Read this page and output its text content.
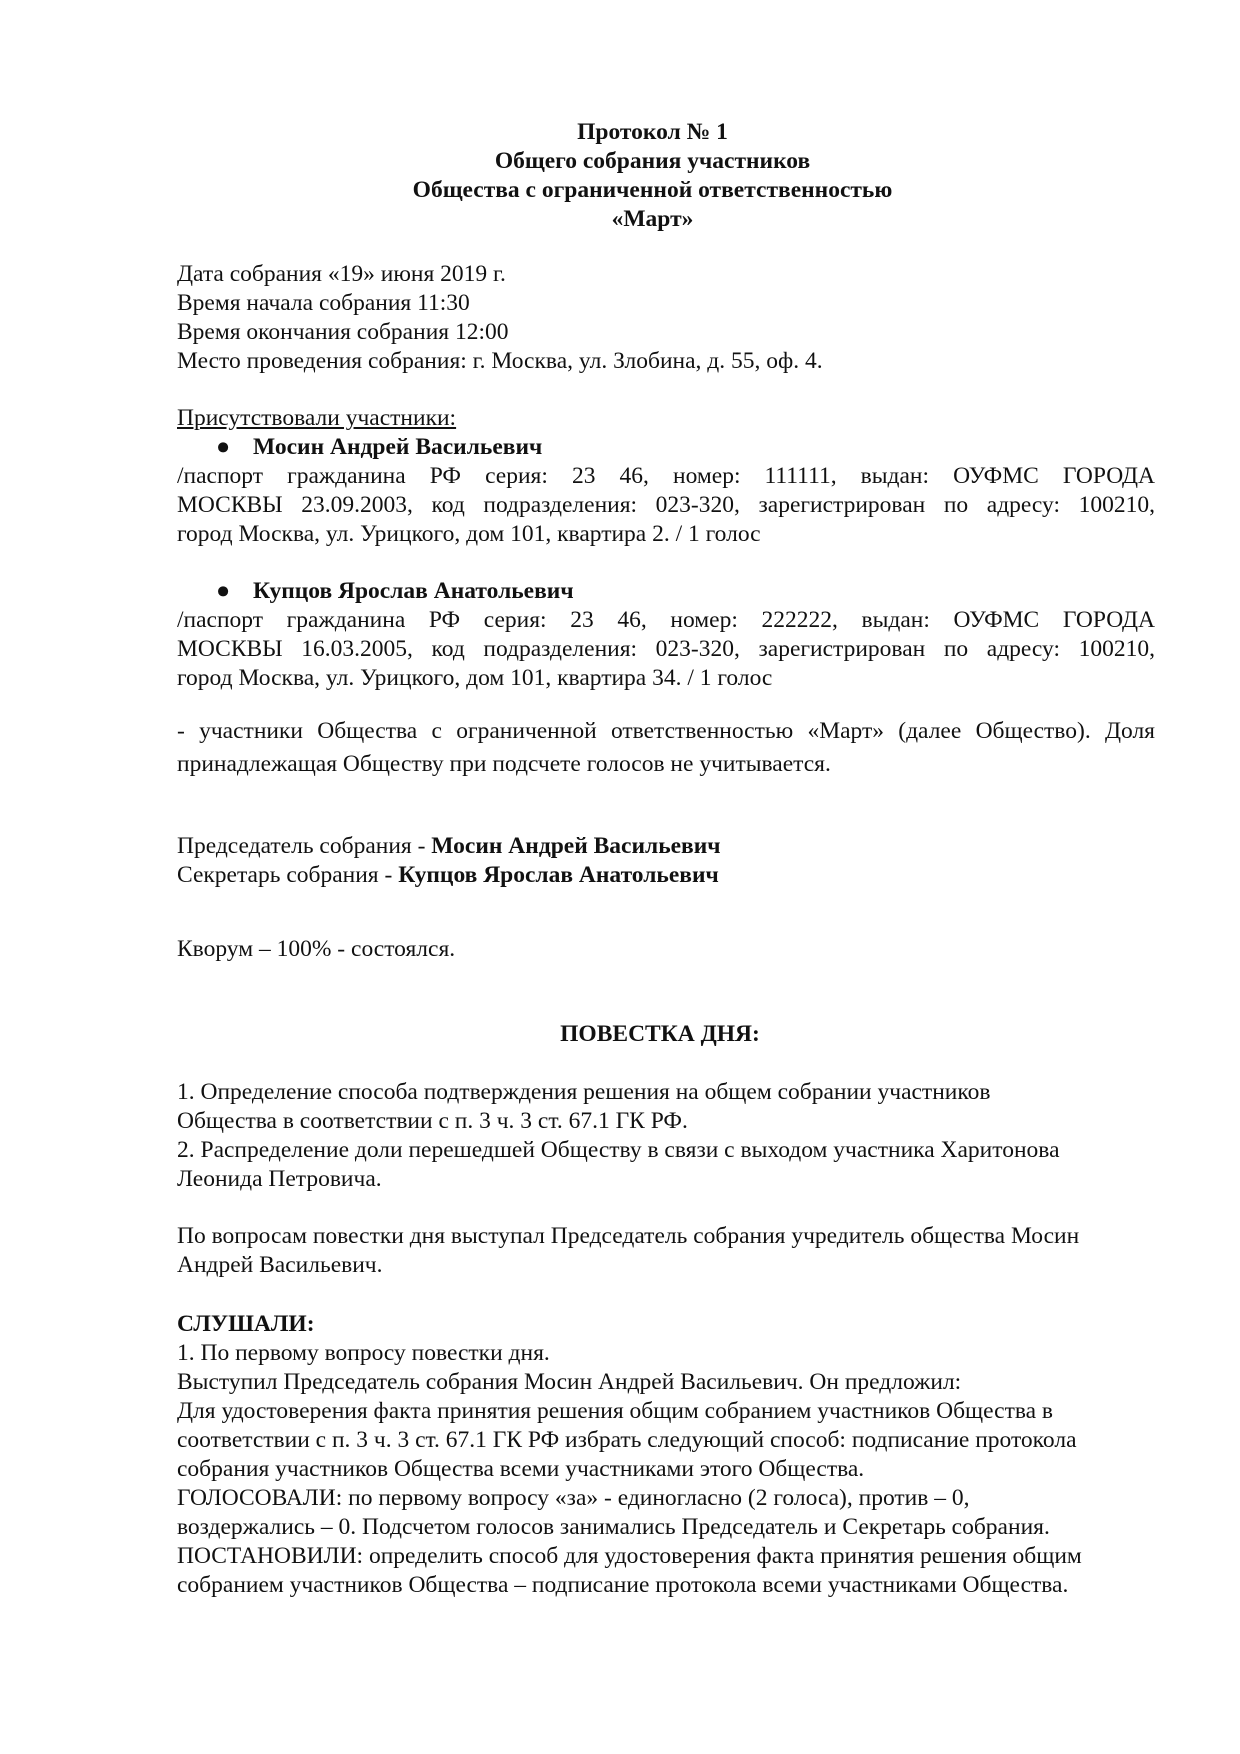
Протокол № 1
Общего собрания участников
Общества с ограниченной ответственностью
«Март»
Дата собрания «19» июня 2019 г.
Время начала собрания 11:30
Время окончания собрания 12:00
Место проведения собрания: г. Москва, ул. Злобина, д. 55, оф. 4.
Присутствовали участники:
● Мосин Андрей Васильевич
/паспорт гражданина РФ серия: 23 46, номер: 111111, выдан: ОУФМС ГОРОДА
МОСКВЫ 23.09.2003, код подразделения: 023-320, зарегистрирован по адресу: 100210,
город Москва, ул. Урицкого, дом 101, квартира 2. / 1 голос
● Купцов Ярослав Анатольевич
/паспорт гражданина РФ серия: 23 46, номер: 222222, выдан: ОУФМС ГОРОДА
МОСКВЫ 16.03.2005, код подразделения: 023-320, зарегистрирован по адресу: 100210,
город Москва, ул. Урицкого, дом 101, квартира 34. / 1 голос
- участники Общества с ограниченной ответственностью «Март» (далее Общество). Доля
принадлежащая Обществу при подсчете голосов не учитывается.
Председатель собрания - Мосин Андрей Васильевич
Секретарь собрания - Купцов Ярослав Анатольевич
Кворум – 100% - состоялся.
ПОВЕСТКА ДНЯ:
1. Определение способа подтверждения решения на общем собрании участников
Общества в соответствии с п. 3 ч. 3 ст. 67.1 ГК РФ.
2. Распределение доли перешедшей Обществу в связи с выходом участника Харитонова
Леонида Петровича.
По вопросам повестки дня выступал Председатель собрания учредитель общества Мосин
Андрей Васильевич.
СЛУШАЛИ:
1. По первому вопросу повестки дня.
Выступил Председатель собрания Мосин Андрей Васильевич. Он предложил:
Для удостоверения факта принятия решения общим собранием участников Общества в
соответствии с п. 3 ч. 3 ст. 67.1 ГК РФ избрать следующий способ: подписание протокола
собрания участников Общества всеми участниками этого Общества.
ГОЛОСОВАЛИ: по первому вопросу «за» - единогласно (2 голоса), против – 0,
воздержались – 0. Подсчетом голосов занимались Председатель и Секретарь собрания.
ПОСТАНОВИЛИ: определить способ для удостоверения факта принятия решения общим
собранием участников Общества – подписание протокола всеми участниками Общества.
